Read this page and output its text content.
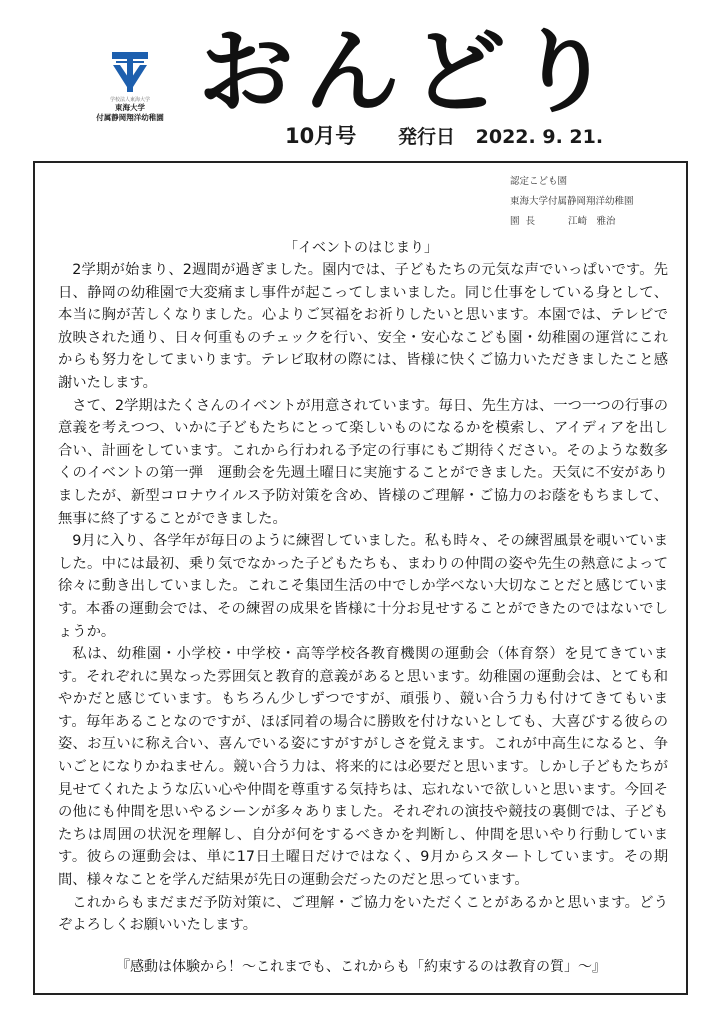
学校法人東海大学
東海大学
付属静岡翔洋幼稚園 おんどり
10月号 発行日 2022. 9. 21.
認定こども園
東海大学付属静岡翔洋幼稚園
園長	江崎　雅治
「イベントのはじまり」

2学期が始まり、2週間が過ぎました。園内では、子どもたちの元気な声でいっぱいです。先日、静岡の幼稚園で大変痛まし事件が起こってしまいました。同じ仕事をしている身として、本当に胸が苦しくなりました。心よりご冥福をお祈りしたいと思います。本園では、テレビで放映された通り、日々何重ものチェックを行い、安全・安心なこども園・幼稚園の運営にこれからも努力をしてまいります。テレビ取材の際には、皆様に快くご協力いただきましたこと感謝いたします。

さて、2学期はたくさんのイベントが用意されています。毎日、先生方は、一つ一つの行事の意義を考えつつ、いかに子どもたちにとって楽しいものになるかを模索し、アイディアを出し合い、計画をしています。これから行われる予定の行事にもご期待ください。そのような数多くのイベントの第一弾　運動会を先週土曜日に実施することができました。天気に不安がありましたが、新型コロナウイルス予防対策を含め、皆様のご理解・ご協力のお蔭をもちまして、無事に終了することができました。

9月に入り、各学年が毎日のように練習していました。私も時々、その練習風景を覗いていました。中には最初、乗り気でなかった子どもたちも、まわりの仲間の姿や先生の熱意によって徐々に動き出していました。これこそ集団生活の中でしか学べない大切なことだと感じています。本番の運動会では、その練習の成果を皆様に十分お見せすることができたのではないでしょうか。

私は、幼稚園・小学校・中学校・高等学校各教育機関の運動会（体育祭）を見てきています。それぞれに異なった雰囲気と教育的意義があると思います。幼稚園の運動会は、とても和やかだと感じています。もちろん少しずつですが、頑張り、競い合う力も付けてきてもいます。毎年あることなのですが、ほぼ同着の場合に勝敗を付けないとしても、大喜びする彼らの姿、お互いに称え合い、喜んでいる姿にすがすがしさを覚えます。これが中高生になると、争いごとになりかねません。競い合う力は、将来的には必要だと思います。しかし子どもたちが見せてくれたような広い心や仲間を尊重する気持ちは、忘れないで欲しいと思います。今回その他にも仲間を思いやるシーンが多々ありました。それぞれの演技や競技の裏側では、子どもたちは周囲の状況を理解し、自分が何をするべきかを判断し、仲間を思いやり行動しています。彼らの運動会は、単に17日土曜日だけではなく、9月からスタートしています。その期間、様々なことを学んだ結果が先日の運動会だったのだと思っています。

これからもまだまだ予防対策に、ご理解・ご協力をいただくことがあるかと思います。どうぞよろしくお願いいたします。

『感動は体験から！～これまでも、これからも「約束するのは教育の質」～』
